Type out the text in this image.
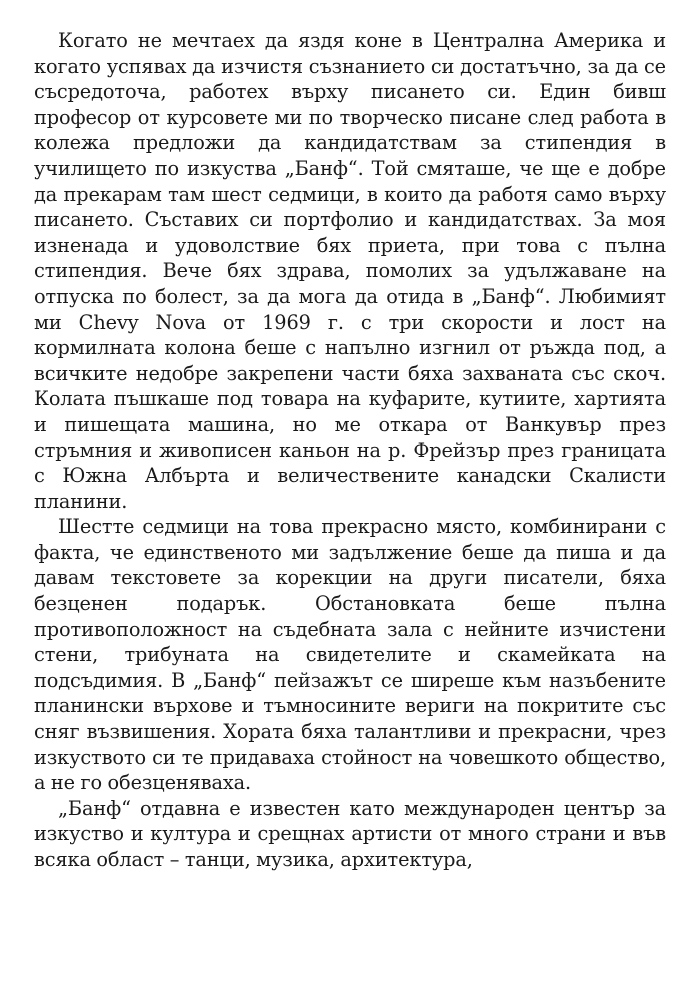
Когато не мечтаех да яздя коне в Централна Америка и когато успявах да изчистя съзнанието си достатъчно, за да се съсредоточа, работех върху писането си. Един бивш професор от курсовете ми по творческо писане след работа в колежа предложи да кандидатствам за стипендия в училището по изкуства „Банф“. Той смяташе, че ще е добре да прекарам там шест седмици, в които да работя само върху писането. Съставих си портфолио и кандидатствах. За моя изненада и удоволствие бях приета, при това с пълна стипендия. Вече бях здрава, помолих за удължаване на отпуска по болест, за да мога да отида в „Банф“. Любимият ми Chevy Nova от 1969 г. с три скорости и лост на кормилната колона беше с напълно изгнил от ръжда под, а всичките недобре закрепени части бяха захваната със скоч. Колата пъшкаше под товара на куфарите, кутиите, хартията и пишещата машина, но ме откара от Ванкувър през стръмния и живописен каньон на р. Фрейзър през границата с Южна Албърта и величествените канадски Скалисти планини.

Шестте седмици на това прекрасно място, комбинирани с факта, че единственото ми задължение беше да пиша и да давам текстовете за корекции на други писатели, бяха безценен подарък. Обстановката беше пълна противоположност на съдебната зала с нейните изчистени стени, трибуната на свидетелите и скамейката на подсъдимия. В „Банф“ пейзажът се ширеше към назъбените планински върхове и тъмносините вериги на покритите със сняг възвишения. Хората бяха талантливи и прекрасни, чрез изкуството си те придаваха стойност на човешкото общество, а не го обезценяваха.

„Банф“ отдавна е известен като международен център за изкуство и култура и срещнах артисти от много страни и във всяка област – танци, музика, архитектура,
